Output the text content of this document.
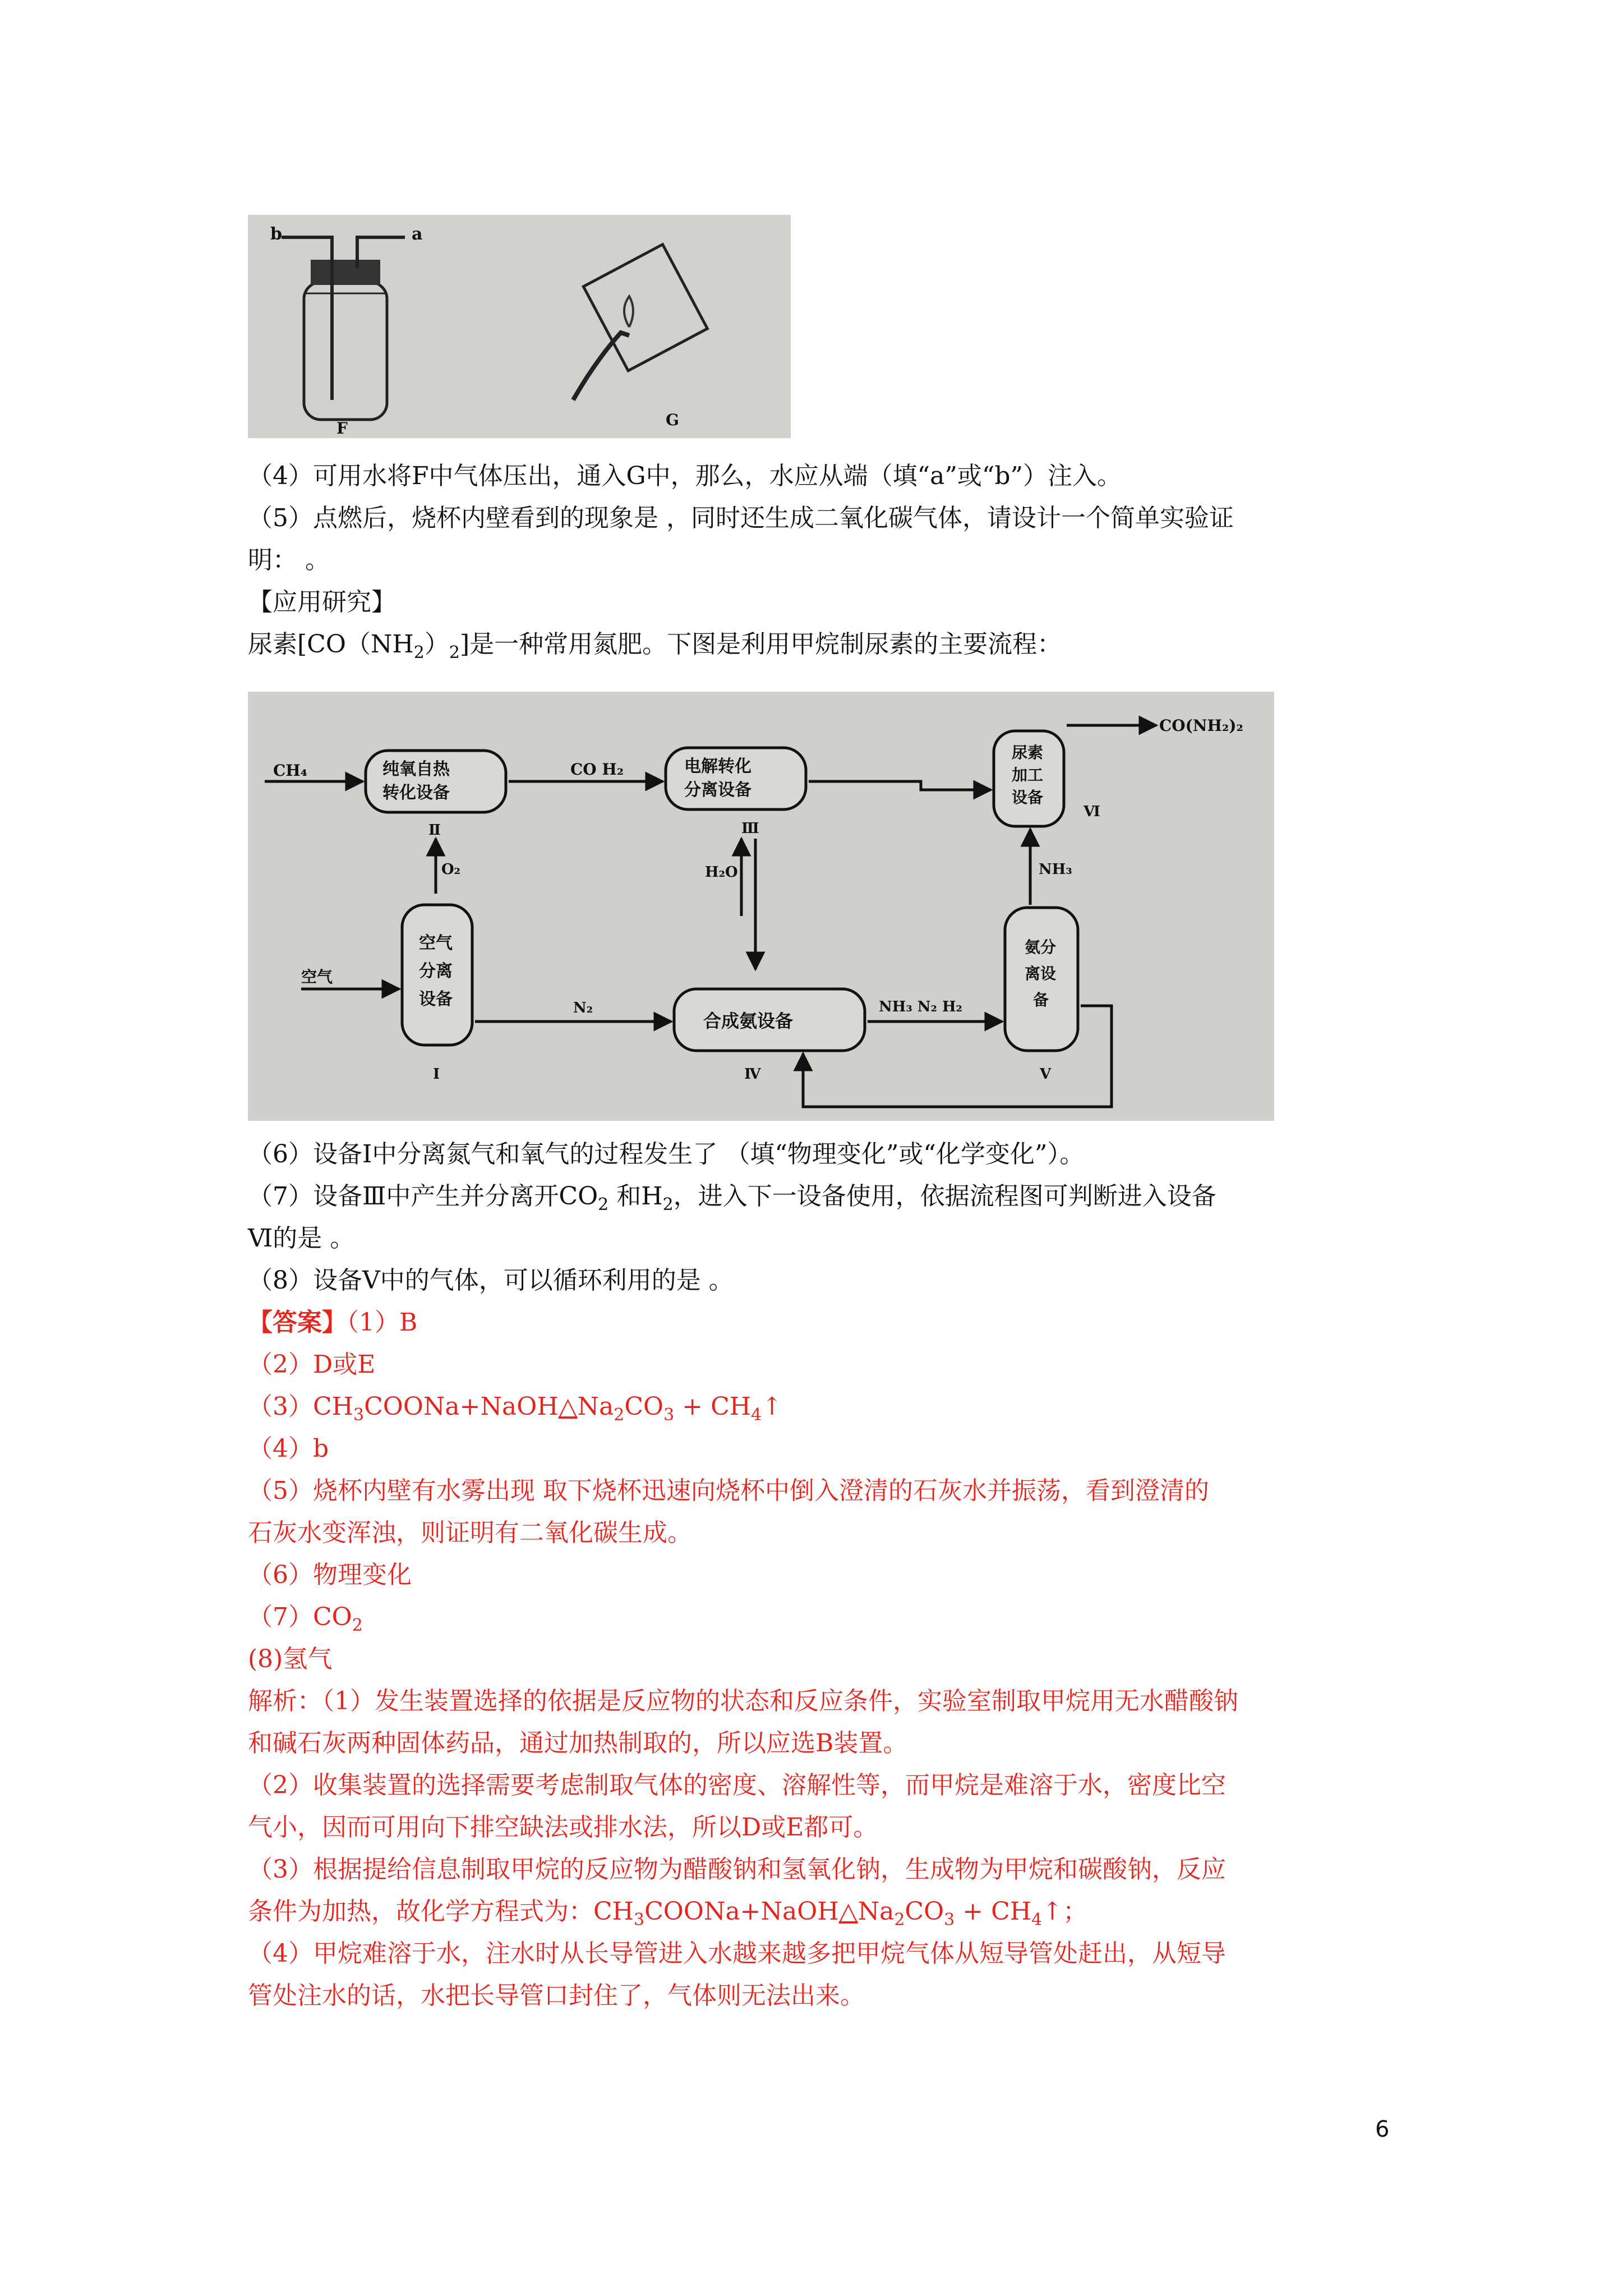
b	a
F	G
（4）可用水将F中气体压出，通入G中，那么，水应从端（填“a”或“b”）注入。
（5）点燃后，烧杯内壁看到的现象是 ，同时还生成二氧化碳气体，请设计一个简单实验证
明： 。
【应用研究】
尿素$[CO(NH_2)_2]$是一种常用氮肥。下图是利用甲烷制尿素的主要流程：
纯氧自热
转化设备
Ⅱ
CH₄	电解转化
分离设备
Ⅲ
CO H₂
尿素
加工
设备
Ⅵ
CO(NH₂)₂
O₂	H₂O
空气
分离
设备
Ⅰ
空气
合成氨设备
Ⅳ
N₂
氨分
离设
备
Ⅴ
NH₃ N₂ H₂
NH₃
（6）设备Ⅰ中分离氮气和氧气的过程发生了 （填“物理变化”或“化学变化”）。
（7）设备Ⅲ中产生并分离开$CO_2$ 和$H_2$，进入下一设备使用，依据流程图可判断进入设备
Ⅵ的是 。
（8）设备Ⅴ中的气体，可以循环利用的是 。
【答案】（1）B
（2）D或E
$(3)CH_3COONa+NaOH\triangle Na_2CO_3$ + $CH_4↑$
（4）b
（5）烧杯内壁有水雾出现 取下烧杯迅速向烧杯中倒入澄清的石灰水并振荡，看到澄清的
石灰水变浑浊，则证明有二氧化碳生成。
（6）物理变化
$(7)CO_2$
(8)氢气
解析：（1）发生装置选择的依据是反应物的状态和反应条件，实验室制取甲烷用无水醋酸钠
和碱石灰两种固体药品，通过加热制取的，所以应选B装置。
（2）收集装置的选择需要考虑制取气体的密度、溶解性等，而甲烷是难溶于水，密度比空
气小，因而可用向下排空缺法或排水法，所以D或E都可。
（3）根据提给信息制取甲烷的反应物为醋酸钠和氢氧化钠，生成物为甲烷和碳酸钠，反应
条件为加热，故化学方程式为：$CH_3COONa+NaOH\triangle Na_2CO_3$ + $CH_4↑$；
（4）甲烷难溶于水，注水时从长导管进入水越来越多把甲烷气体从短导管处赶出，从短导
管处注水的话，水把长导管口封住了，气体则无法出来。
6
